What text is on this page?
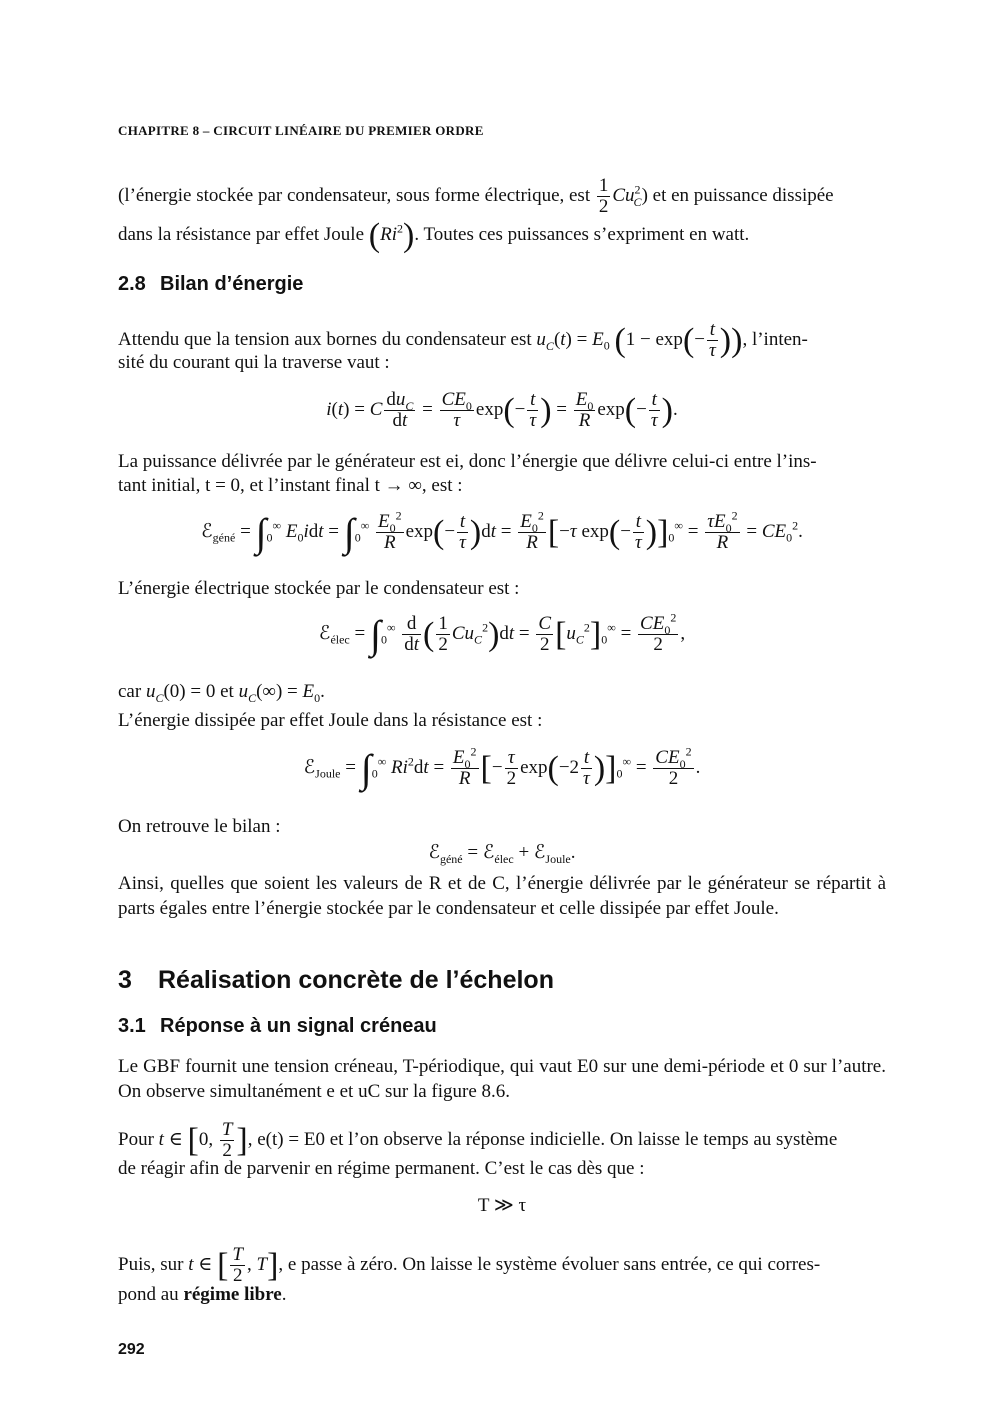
CHAPITRE 8 – CIRCUIT LINÉAIRE DU PREMIER ORDRE
(l’énergie stockée par condensateur, sous forme électrique, est $\frac{1}{2} Cu^2_C$) et en puissance dissipée
dans la résistance par effet Joule (Ri$^2$). Toutes ces puissances s’expriment en watt.
2.8 Bilan d’énergie
Attendu que la tension aux bornes du condensateur est $u_C(t) = E_0$ ($1 - \exp(- \frac{t}{\tau}$ )), l’inten-
sité du courant qui la traverse vaut :
i(t) = C $\frac{du_C}{dt} = \frac{CE_0}{\tau} \exp(- \frac{t}{\tau}$ ) = $\frac{E_0}{R} \exp(- \frac{t}{\tau}$ ).
La puissance délivrée par le générateur est ei, donc l’énergie que délivre celui-ci entre l’ins-
tant initial, t = 0, et l’instant final t → ∞, est :
ℰ$_{géné}$ = $\int_0^\infty$ $E_0idt = \int_0^\infty \frac{E_0^2}{R} \exp(- \frac{t}{\tau} )dt = \frac{E_0^2}{R} [-\tau$ $\exp(- \frac{t}{\tau} )]_0^\infty = \frac{\tau E_0^2}{R} = CE_0^2$.
L’énergie électrique stockée par le condensateur est :
ℰ$_{élec}$ = $\int_0^\infty \frac{d}{dt}$ ( $\frac{1}{2} Cu_C^2)dt = \frac{C}{2} [u_C^2]_0^\infty = \frac{CE_0^2}{2}$ ,
car $u_C(0) = 0$ et $u_C(\infty) = E_0$.
L’énergie dissipée par effet Joule dans la résistance est :
ℰ$_{Joule}$ = $\int_0^\infty$ $Ri^2dt = \frac{E_0^2}{R}$ [− $\frac{\tau}{2} \exp(-2 \frac{t}{\tau} )]_0^\infty = \frac{CE_0^2}{2}$ .
On retrouve le bilan :
ℰ$_{géné}$ = ℰ$_{élec}$ + ℰ$_{Joule}$.
Ainsi, quelles que soient les valeurs de R et de C, l’énergie délivrée par le générateur se répartit à parts égales entre l’énergie stockée par le condensateur et celle dissipée par effet Joule.
3 Réalisation concrète de l’échelon
3.1 Réponse à un signal créneau
Le GBF fournit une tension créneau, T-périodique, qui vaut E0 sur une demi-période et 0 sur l’autre. On observe simultanément e et uC sur la figure 8.6.
Pour t ∈ [0, $\frac{T}{2}$ ], e(t) = E0 et l’on observe la réponse indicielle. On laisse le temps au système
de réagir afin de parvenir en régime permanent. C’est le cas dès que :
T ≫ τ
Puis, sur t ∈ [ $\frac{T}{2}$ , T], e passe à zéro. On laisse le système évoluer sans entrée, ce qui corres-
pond au régime libre.
292
